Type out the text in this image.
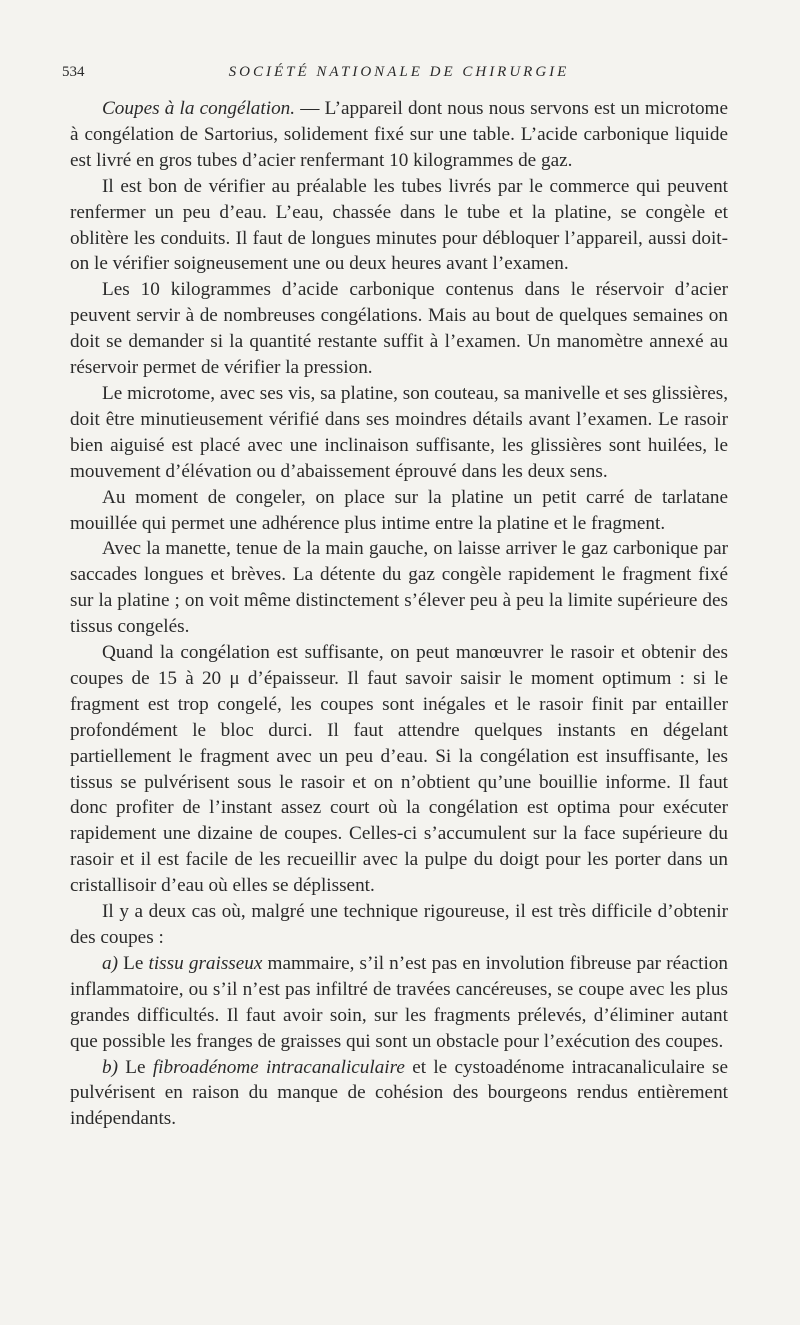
534	SOCIÉTÉ NATIONALE DE CHIRURGIE

Coupes à la congélation. — L’appareil dont nous nous servons est un microtome à congélation de Sartorius, solidement fixé sur une table. L’acide carbonique liquide est livré en gros tubes d’acier renfermant 10 kilogrammes de gaz.

Il est bon de vérifier au préalable les tubes livrés par le commerce qui peuvent renfermer un peu d’eau. L’eau, chassée dans le tube et la platine, se congèle et oblitère les conduits. Il faut de longues minutes pour débloquer l’appareil, aussi doit-on le vérifier soigneusement une ou deux heures avant l’examen.

Les 10 kilogrammes d’acide carbonique contenus dans le réservoir d’acier peuvent servir à de nombreuses congélations. Mais au bout de quelques semaines on doit se demander si la quantité restante suffit à l’examen. Un manomètre annexé au réservoir permet de vérifier la pression.

Le microtome, avec ses vis, sa platine, son couteau, sa manivelle et ses glissières, doit être minutieusement vérifié dans ses moindres détails avant l’examen. Le rasoir bien aiguisé est placé avec une inclinaison suffisante, les glissières sont huilées, le mouvement d’élévation ou d’abaissement éprouvé dans les deux sens.

Au moment de congeler, on place sur la platine un petit carré de tarlatane mouillée qui permet une adhérence plus intime entre la platine et le fragment.

Avec la manette, tenue de la main gauche, on laisse arriver le gaz carbonique par saccades longues et brèves. La détente du gaz congèle rapidement le fragment fixé sur la platine ; on voit même distinctement s’élever peu à peu la limite supérieure des tissus congelés.

Quand la congélation est suffisante, on peut manœuvrer le rasoir et obtenir des coupes de 15 à 20 μ d’épaisseur. Il faut savoir saisir le moment optimum : si le fragment est trop congelé, les coupes sont inégales et le rasoir finit par entailler profondément le bloc durci. Il faut attendre quelques instants en dégelant partiellement le fragment avec un peu d’eau. Si la congélation est insuffisante, les tissus se pulvérisent sous le rasoir et on n’obtient qu’une bouillie informe. Il faut donc profiter de l’instant assez court où la congélation est optima pour exécuter rapidement une dizaine de coupes. Celles-ci s’accumulent sur la face supérieure du rasoir et il est facile de les recueillir avec la pulpe du doigt pour les porter dans un cristallisoir d’eau où elles se déplissent.

Il y a deux cas où, malgré une technique rigoureuse, il est très difficile d’obtenir des coupes :

a) Le tissu graisseux mammaire, s’il n’est pas en involution fibreuse par réaction inflammatoire, ou s’il n’est pas infiltré de travées cancéreuses, se coupe avec les plus grandes difficultés. Il faut avoir soin, sur les fragments prélevés, d’éliminer autant que possible les franges de graisses qui sont un obstacle pour l’exécution des coupes.

b) Le fibroadénome intracanaliculaire et le cystoadénome intracanaliculaire se pulvérisent en raison du manque de cohésion des bourgeons rendus entièrement indépendants.
